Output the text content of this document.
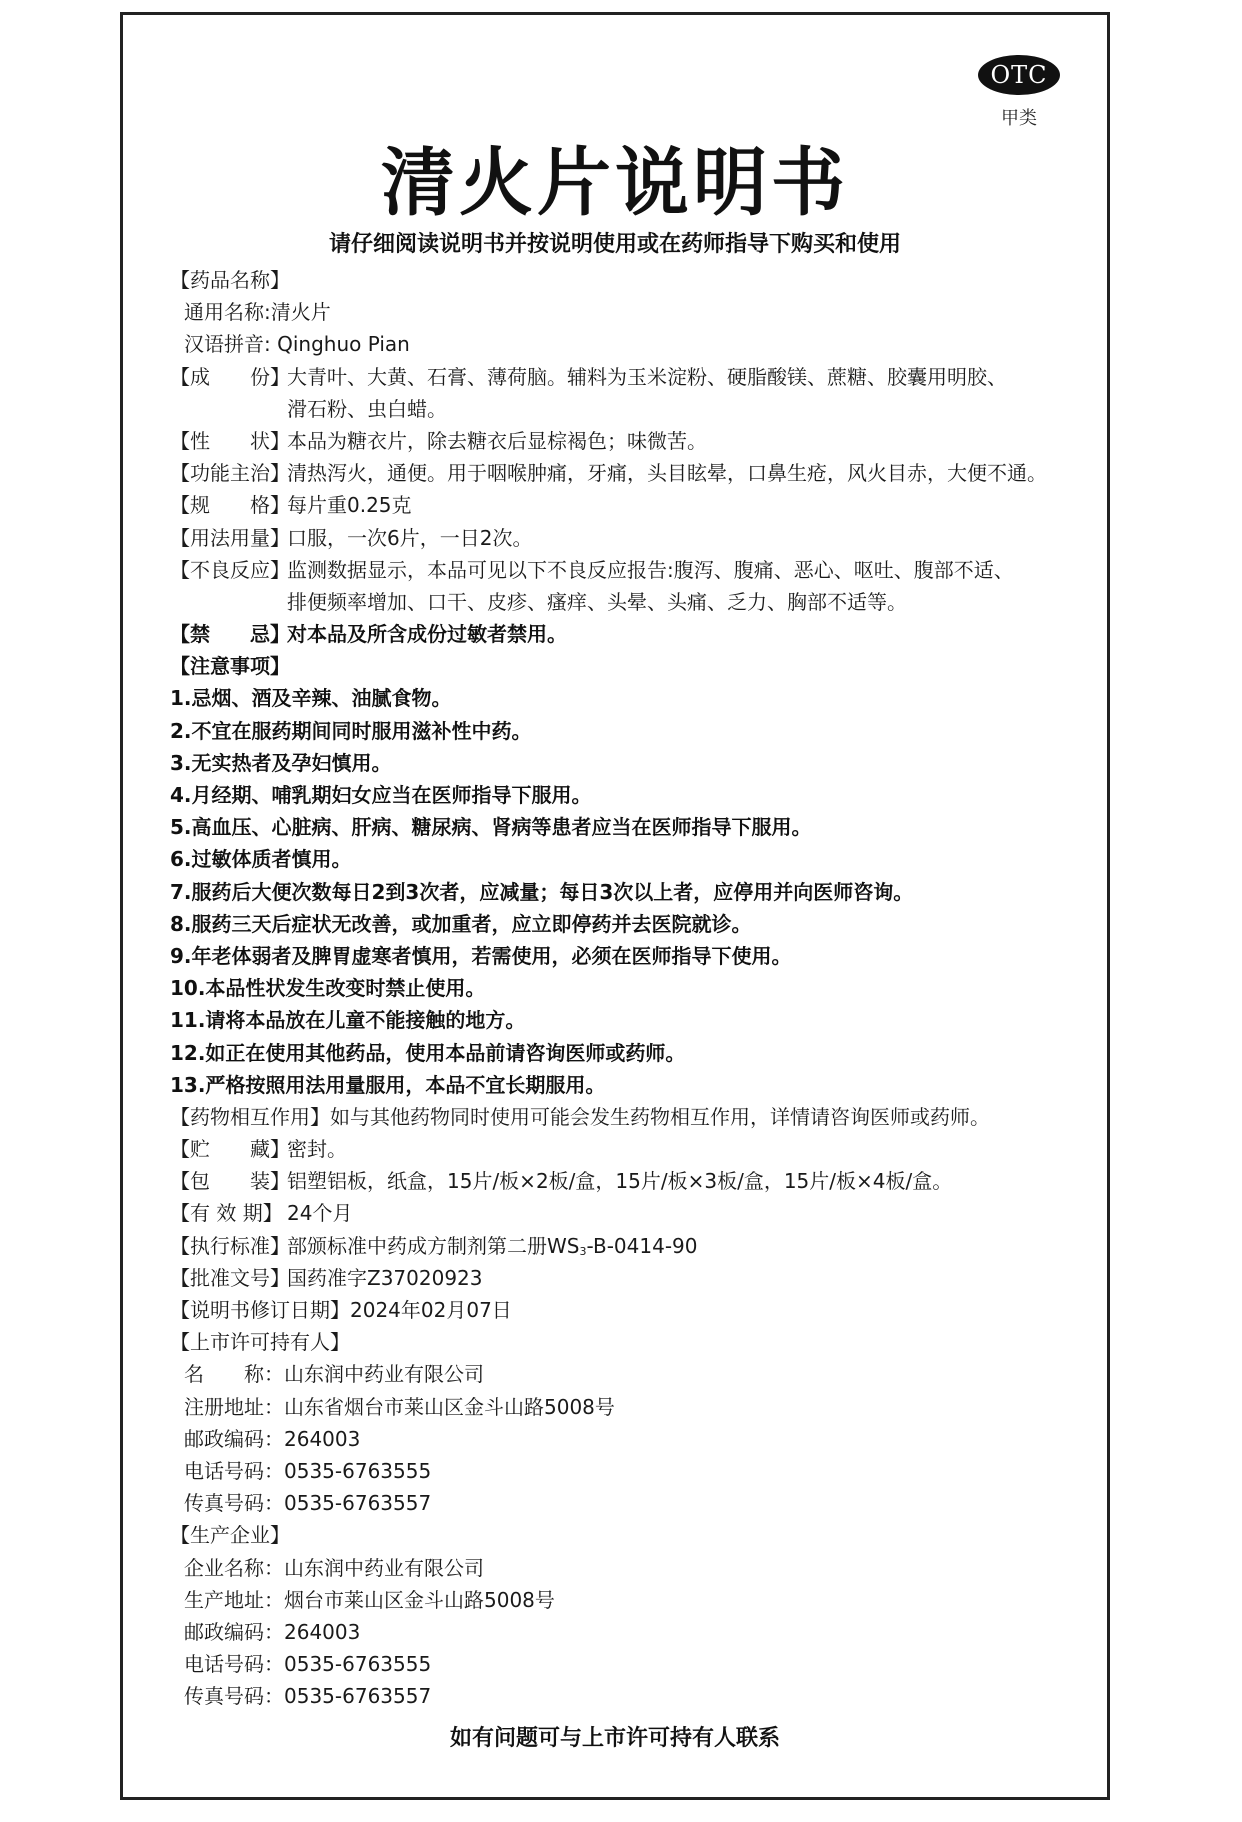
OTC
甲类
清火片说明书
请仔细阅读说明书并按说明使用或在药师指导下购买和使用
【药品名称】
通用名称:清火片
汉语拼音: Qinghuo Pian
【成　　份】大青叶、大黄、石膏、薄荷脑。辅料为玉米淀粉、硬脂酸镁、蔗糖、胶囊用明胶、
滑石粉、虫白蜡。
【性　　状】本品为糖衣片，除去糖衣后显棕褐色；味微苦。
【功能主治】清热泻火，通便。用于咽喉肿痛，牙痛，头目眩晕，口鼻生疮，风火目赤，大便不通。
【规　　格】每片重0.25克
【用法用量】口服，一次6片，一日2次。
【不良反应】监测数据显示，本品可见以下不良反应报告:腹泻、腹痛、恶心、呕吐、腹部不适、
排便频率增加、口干、皮疹、瘙痒、头晕、头痛、乏力、胸部不适等。
【禁　　忌】对本品及所含成份过敏者禁用。
【注意事项】
1.忌烟、酒及辛辣、油腻食物。
2.不宜在服药期间同时服用滋补性中药。
3.无实热者及孕妇慎用。
4.月经期、哺乳期妇女应当在医师指导下服用。
5.高血压、心脏病、肝病、糖尿病、肾病等患者应当在医师指导下服用。
6.过敏体质者慎用。
7.服药后大便次数每日2到3次者，应减量；每日3次以上者，应停用并向医师咨询。
8.服药三天后症状无改善，或加重者，应立即停药并去医院就诊。
9.年老体弱者及脾胃虚寒者慎用，若需使用，必须在医师指导下使用。
10.本品性状发生改变时禁止使用。
11.请将本品放在儿童不能接触的地方。
12.如正在使用其他药品，使用本品前请咨询医师或药师。
13.严格按照用法用量服用，本品不宜长期服用。
【药物相互作用】如与其他药物同时使用可能会发生药物相互作用，详情请咨询医师或药师。
【贮　　藏】密封。
【包　　装】铝塑铝板，纸盒，15片/板×2板/盒，15片/板×3板/盒，15片/板×4板/盒。
【有 效 期】 24个月
【执行标准】部颁标准中药成方制剂第二册$WS_3-B-0414-90$
【批准文号】国药准字Z37020923
【说明书修订日期】2024年02月07日
【上市许可持有人】
名　　称：山东润中药业有限公司
注册地址：山东省烟台市莱山区金斗山路5008号
邮政编码：264003
电话号码：0535-6763555
传真号码：0535-6763557
【生产企业】
企业名称：山东润中药业有限公司
生产地址：烟台市莱山区金斗山路5008号
邮政编码：264003
电话号码：0535-6763555
传真号码：0535-6763557
如有问题可与上市许可持有人联系
